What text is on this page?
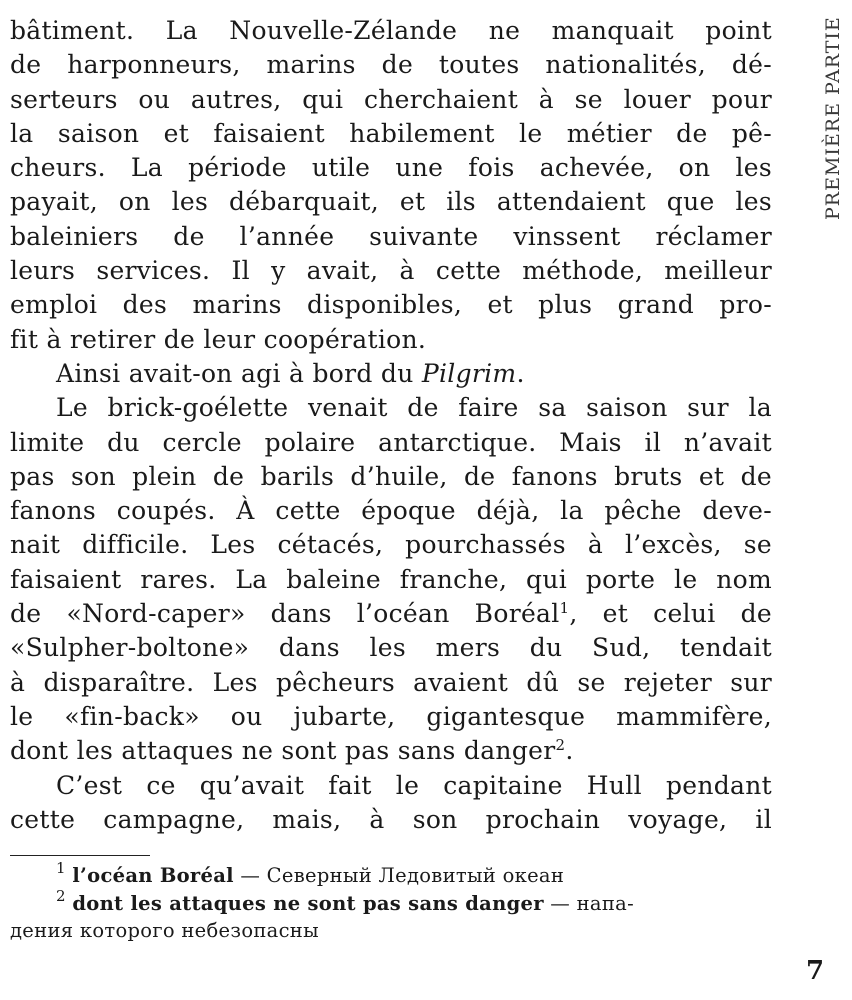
PREMIÈRE PARTIE
bâtiment. La Nouvelle-Zélande ne manquait point
de harponneurs, marins de toutes nationalités, dé-
serteurs ou autres, qui cherchaient à se louer pour
la saison et faisaient habilement le métier de pê-
cheurs. La période utile une fois achevée, on les
payait, on les débarquait, et ils attendaient que les
baleiniers de l’année suivante vinssent réclamer
leurs services. Il y avait, à cette méthode, meilleur
emploi des marins disponibles, et plus grand pro-
fit à retirer de leur coopération.
Ainsi avait-on agi à bord du Pilgrim.
Le brick-goélette venait de faire sa saison sur la
limite du cercle polaire antarctique. Mais il n’avait
pas son plein de barils d’huile, de fanons bruts et de
fanons coupés. À cette époque déjà, la pêche deve-
nait difficile. Les cétacés, pourchassés à l’excès, se
faisaient rares. La baleine franche, qui porte le nom
de «Nord-caper» dans l’océan Boréal$^1$, et celui de
«Sulpher-boltone» dans les mers du Sud, tendait
à disparaître. Les pêcheurs avaient dû se rejeter sur
le «fin-back» ou jubarte, gigantesque mammifère,
dont les attaques ne sont pas sans danger$^2$.
C’est ce qu’avait fait le capitaine Hull pendant
cette campagne, mais, à son prochain voyage, il
$^1$ l’océan Boréal — Северный Ледовитый океан
$^2$ dont les attaques ne sont pas sans danger — напа-
дения которого небезопасны
7
